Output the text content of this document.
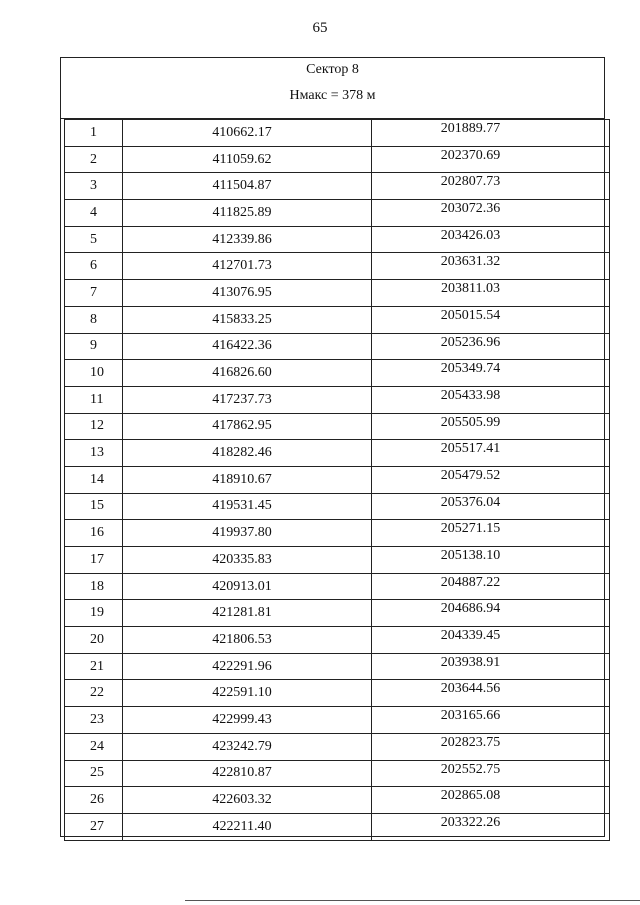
65
Сектор 8
Нмакс = 378 м
1	410662.17	201889.77
2	411059.62	202370.69
3	411504.87	202807.73
4	411825.89	203072.36
5	412339.86	203426.03
6	412701.73	203631.32
7	413076.95	203811.03
8	415833.25	205015.54
9	416422.36	205236.96
10	416826.60	205349.74
11	417237.73	205433.98
12	417862.95	205505.99
13	418282.46	205517.41
14	418910.67	205479.52
15	419531.45	205376.04
16	419937.80	205271.15
17	420335.83	205138.10
18	420913.01	204887.22
19	421281.81	204686.94
20	421806.53	204339.45
21	422291.96	203938.91
22	422591.10	203644.56
23	422999.43	203165.66
24	423242.79	202823.75
25	422810.87	202552.75
26	422603.32	202865.08
27	422211.40	203322.26
